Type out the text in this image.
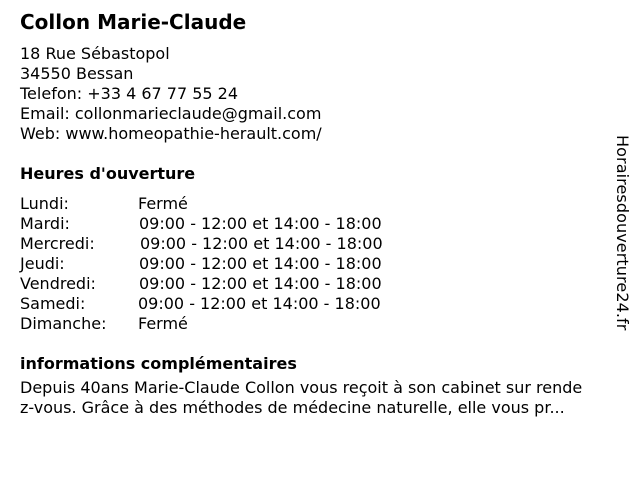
Collon Marie-Claude
18 Rue Sébastopol
34550 Bessan
Telefon: +33 4 67 77 55 24
Email: collonmarieclaude@gmail.com
Web: www.homeopathie-herault.com/
Heures d'ouverture
Lundi:	Fermé
Mardi:	09:00 - 12:00 et 14:00 - 18:00
Mercredi:	09:00 - 12:00 et 14:00 - 18:00
Jeudi:	09:00 - 12:00 et 14:00 - 18:00
Vendredi:	09:00 - 12:00 et 14:00 - 18:00
Samedi:	09:00 - 12:00 et 14:00 - 18:00
Dimanche: Fermé
informations complémentaires
Depuis 40ans Marie-Claude Collon vous reçoit à son cabinet sur rende
z-vous. Grâce à des méthodes de médecine naturelle, elle vous pr...
Horairesdouverture24.fr
